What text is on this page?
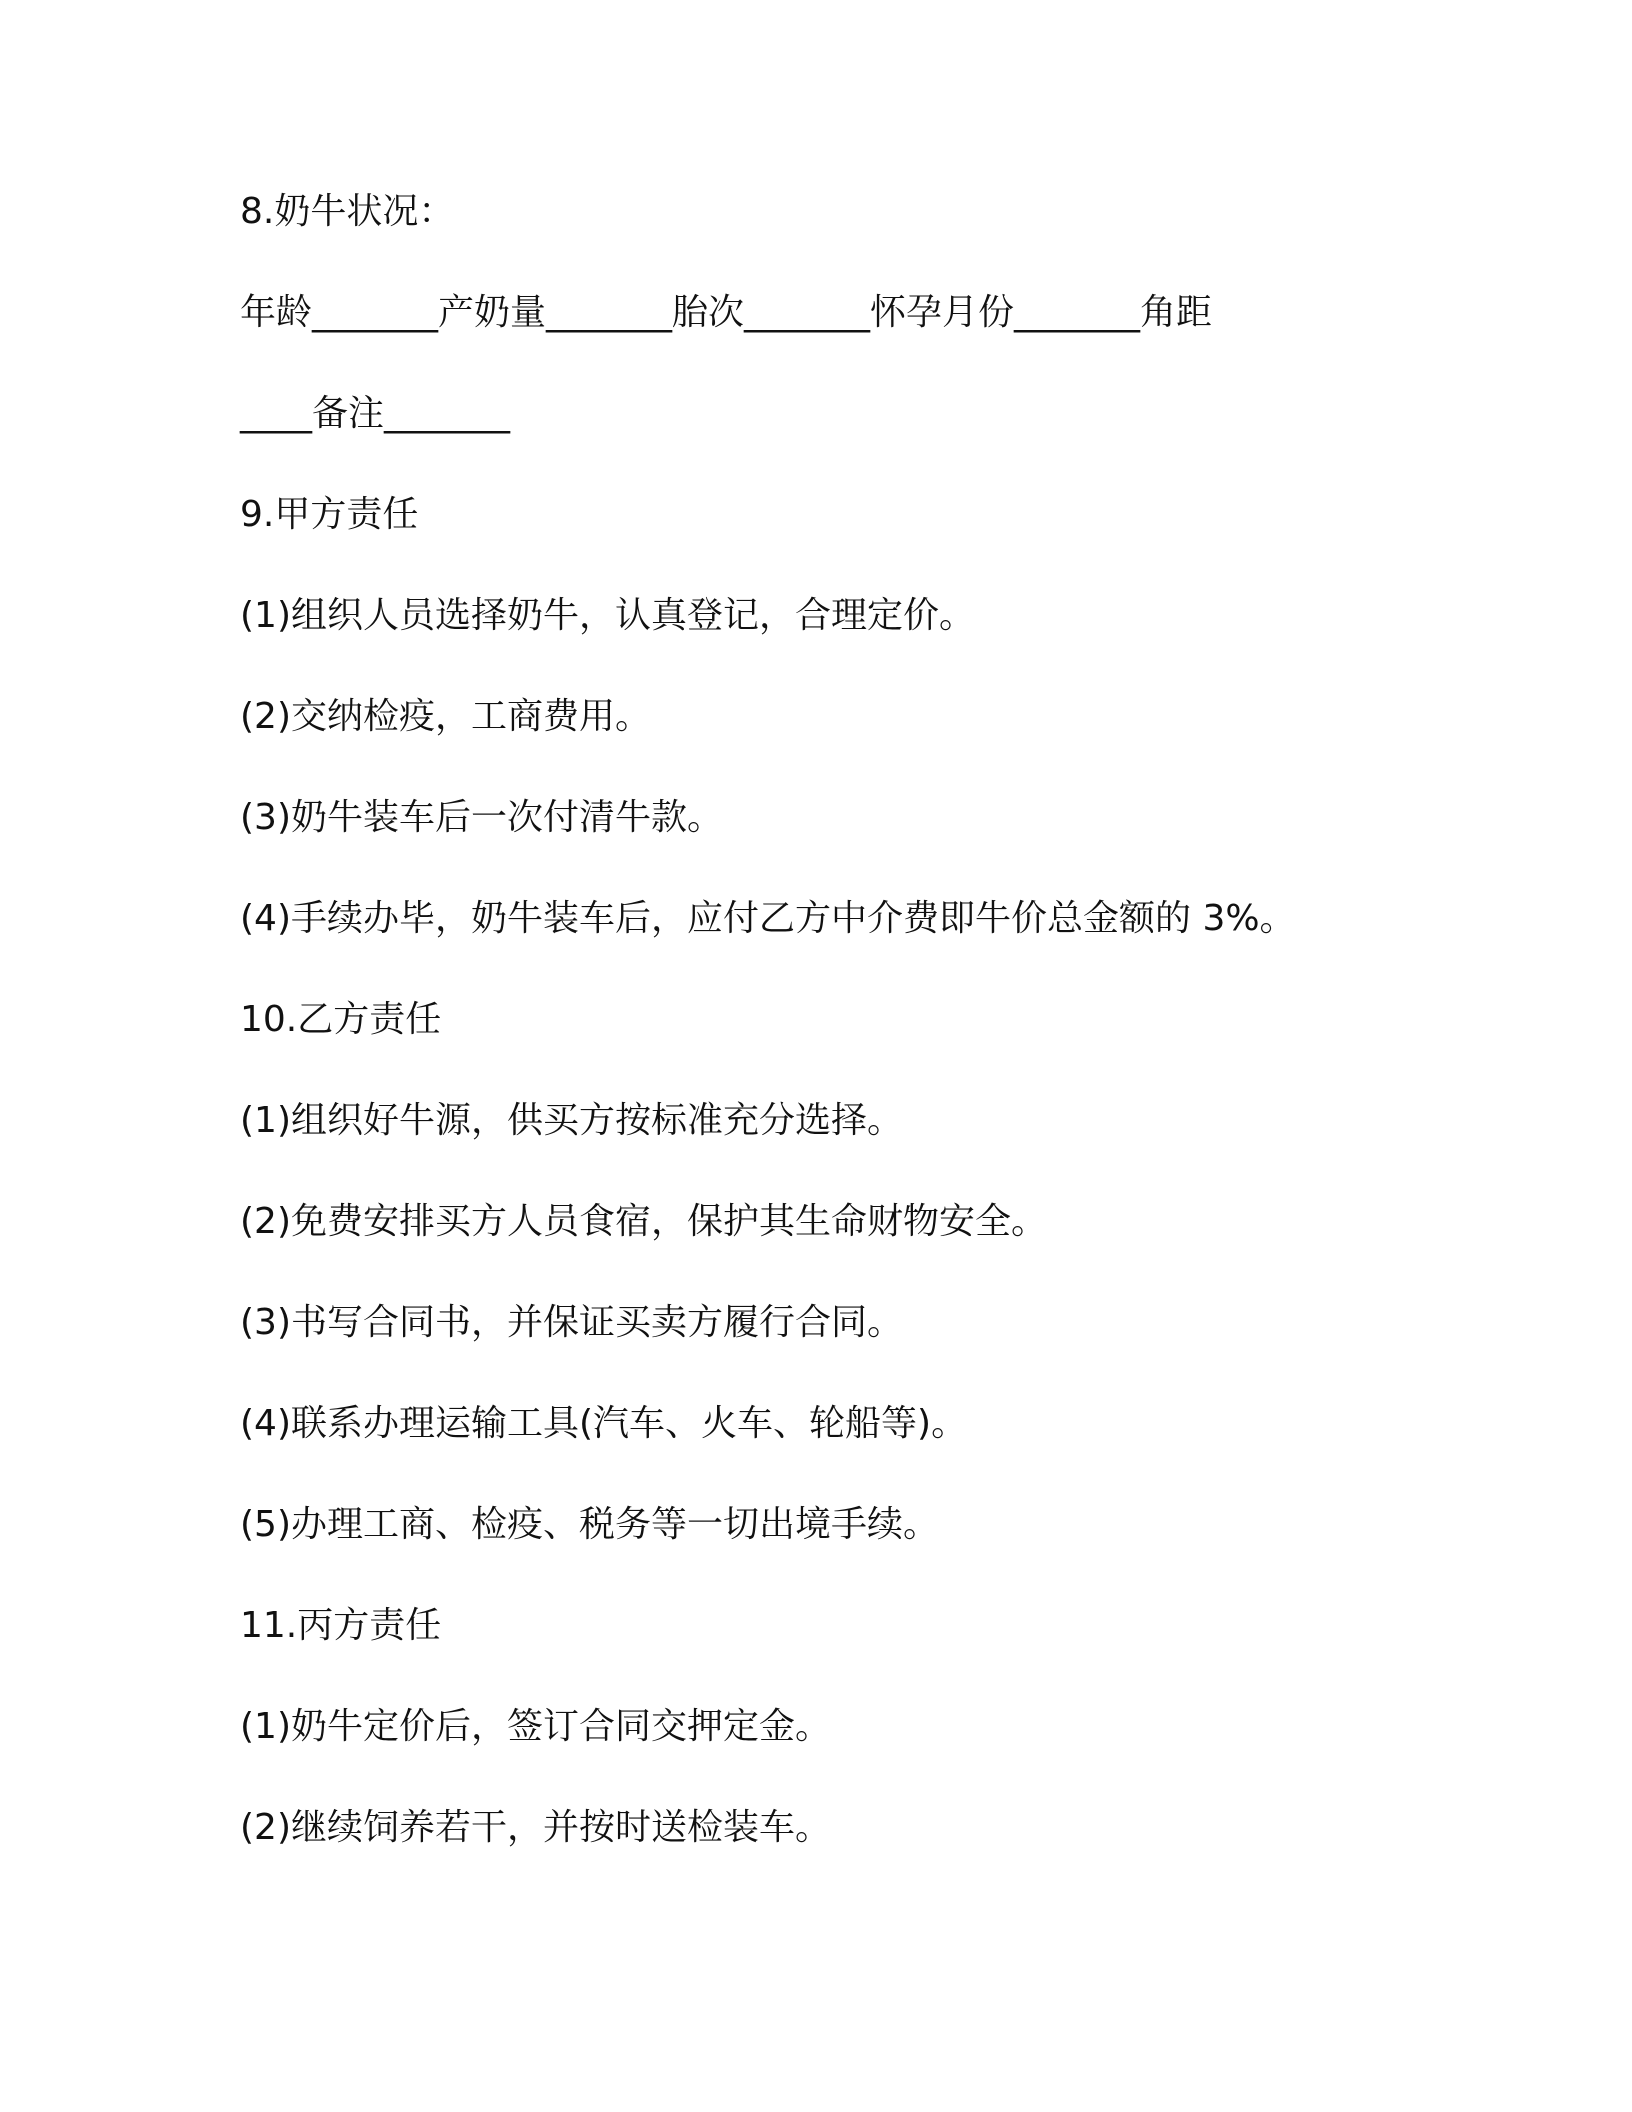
8.奶牛状况：

年龄_______产奶量_______胎次_______怀孕月份_______角距

____备注_______

9.甲方责任

(1)组织人员选择奶牛，认真登记，合理定价。

(2)交纳检疫，工商费用。

(3)奶牛装车后一次付清牛款。

(4)手续办毕，奶牛装车后，应付乙方中介费即牛价总金额的 3%。

10.乙方责任

(1)组织好牛源，供买方按标准充分选择。

(2)免费安排买方人员食宿，保护其生命财物安全。

(3)书写合同书，并保证买卖方履行合同。

(4)联系办理运输工具(汽车、火车、轮船等)。

(5)办理工商、检疫、税务等一切出境手续。

11.丙方责任

(1)奶牛定价后，签订合同交押定金。

(2)继续饲养若干，并按时送检装车。
